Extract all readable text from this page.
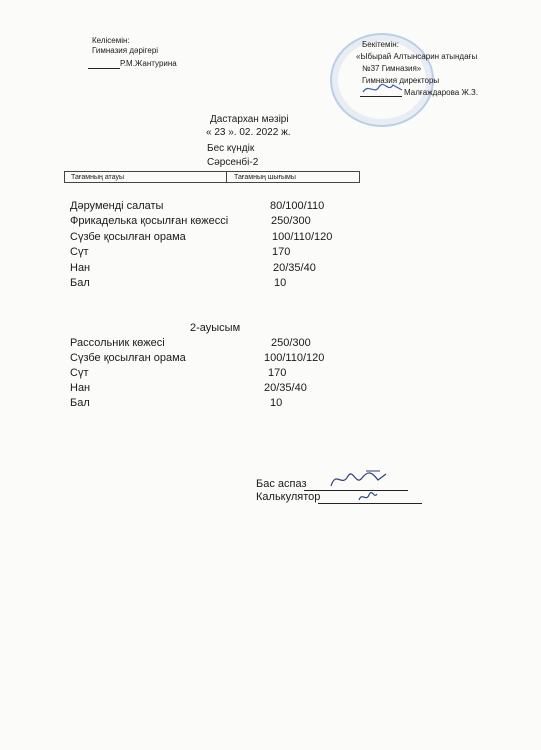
Келісемін:
Гимназия дәрігері
Р.М.Жантурина
Бекітемін:
«Ыбырай Алтынсарин атындағы
№37 Гимназия»
Гимназия директоры
Малғаждарова Ж.З.
Дастархан мәзірі
« 23 ». 02. 2022 ж.
Бес күндік
Сәрсенбі-2
Тағамның атауы	Тағамның шығымы
Дәруменді салаты	80/100/110
Фрикаделька қосылған көжессі	250/300
Сүзбе қосылған орама	100/110/120
Сүт	170
Нан	20/35/40
Бал	10
2-ауысым
Рассольник көжесі	250/300
Сүзбе қосылған орама	100/110/120
Сүт	170
Нан	20/35/40
Бал	10
Бас аспаз
Калькулятор
